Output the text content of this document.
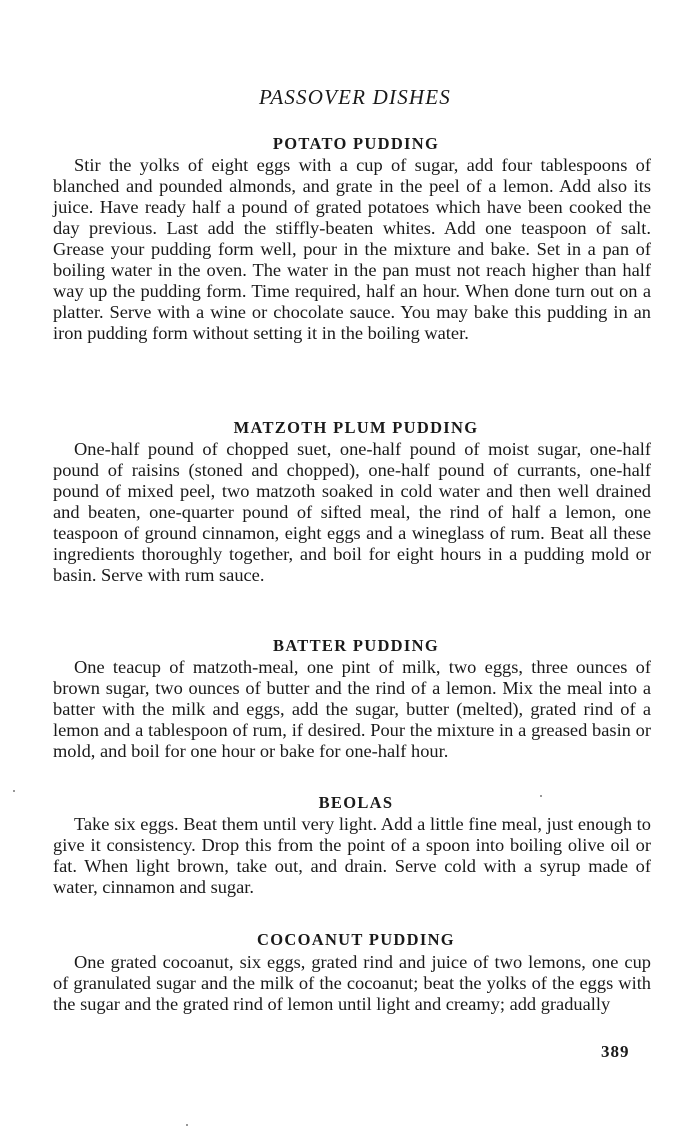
PASSOVER DISHES
POTATO PUDDING

Stir the yolks of eight eggs with a cup of sugar, add four tablespoons of blanched and pounded almonds, and grate in the peel of a lemon. Add also its juice. Have ready half a pound of grated potatoes which have been cooked the day previous. Last add the stiffly-beaten whites. Add one teaspoon of salt. Grease your pudding form well, pour in the mixture and bake. Set in a pan of boiling water in the oven. The water in the pan must not reach higher than half way up the pudding form. Time required, half an hour. When done turn out on a platter. Serve with a wine or chocolate sauce. You may bake this pudding in an iron pudding form without setting it in the boiling water.

MATZOTH PLUM PUDDING

One-half pound of chopped suet, one-half pound of moist sugar, one-half pound of raisins (stoned and chopped), one-half pound of currants, one-half pound of mixed peel, two matzoth soaked in cold water and then well drained and beaten, one-quarter pound of sifted meal, the rind of half a lemon, one teaspoon of ground cinnamon, eight eggs and a wineglass of rum. Beat all these ingredients thoroughly together, and boil for eight hours in a pudding mold or basin. Serve with rum sauce.

BATTER PUDDING

One teacup of matzoth-meal, one pint of milk, two eggs, three ounces of brown sugar, two ounces of butter and the rind of a lemon. Mix the meal into a batter with the milk and eggs, add the sugar, butter (melted), grated rind of a lemon and a tablespoon of rum, if desired. Pour the mixture in a greased basin or mold, and boil for one hour or bake for one-half hour.

BEOLAS

Take six eggs. Beat them until very light. Add a little fine meal, just enough to give it consistency. Drop this from the point of a spoon into boiling olive oil or fat. When light brown, take out, and drain. Serve cold with a syrup made of water, cinnamon and sugar.

COCOANUT PUDDING

One grated cocoanut, six eggs, grated rind and juice of two lemons, one cup of granulated sugar and the milk of the cocoanut; beat the yolks of the eggs with the sugar and the grated rind of lemon until light and creamy; add gradually

389
